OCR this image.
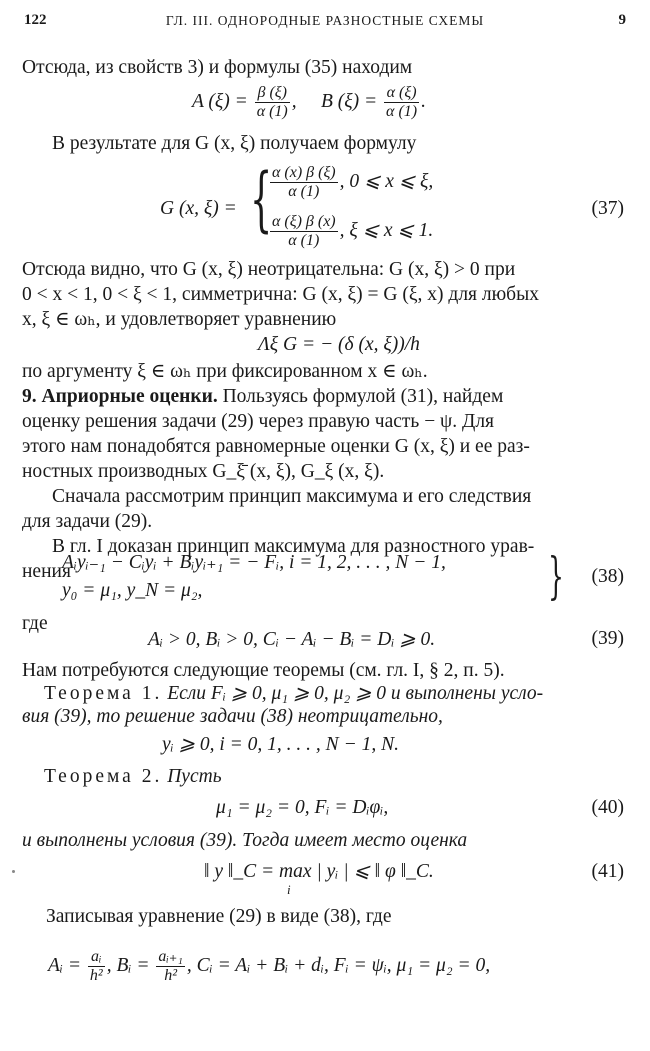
122	ГЛ. III. ОДНОРОДНЫЕ РАЗНОСТНЫЕ СХЕМЫ	9
Отсюда, из свойств 3) и формулы (35) находим
A $(\xi) = \frac{\beta (\xi)}{\alpha (1)}$ , B $(\xi) = \frac{\alpha (\xi)}{\alpha (1)}$ .
В результате для G (x, ξ) получаем формулу
G (x, ξ) = {
$\frac{\alpha (x) \beta (\xi)}{\alpha (1)}$ , 0 ⩽ x ⩽ ξ,
$\frac{\alpha (\xi) \beta (x)}{\alpha (1)}$ , ξ ⩽ x ⩽ 1.
(37)
Отсюда видно, что G (x, ξ) неотрицательна: G (x, ξ) > 0 при
0 < x < 1, 0 < ξ < 1, симметрична: G (x, ξ) = G (ξ, x) для любых
x, ξ ∈ ωₕ, и удовлетворяет уравнению
Λξ G = − (δ (x, ξ))/h
по аргументу ξ ∈ ωₕ при фиксированном x ∈ ωₕ.
9. Априорные оценки. Пользуясь формулой (31), найдем
оценку решения задачи (29) через правую часть − ψ. Для
этого нам понадобятся равномерные оценки G (x, ξ) и ее раз-
ностных производных G_ξ̄ (x, ξ), G_ξ (x, ξ).
Сначала рассмотрим принцип максимума и его следствия
для задачи (29).
В гл. I доказан принцип максимума для разностного урав-
нения
Aᵢyᵢ₋₁ − Cᵢyᵢ + Bᵢyᵢ₊₁ = − Fᵢ, i = 1, 2, . . . , N − 1,
y₀ = μ₁, y_N = μ₂,	} (38)
где
Aᵢ > 0, Bᵢ > 0, Cᵢ − Aᵢ − Bᵢ = Dᵢ ⩾ 0.	(39)
Нам потребуются следующие теоремы (см. гл. I, § 2, п. 5).
Теорема 1. Если Fᵢ ⩾ 0, μ₁ ⩾ 0, μ₂ ⩾ 0 и выполнены усло-
вия (39), то решение задачи (38) неотрицательно,
yᵢ ⩾ 0, i = 0, 1, . . . , N − 1, N.
Теорема 2. Пусть
μ₁ = μ₂ = 0, Fᵢ = Dᵢφᵢ,	(40)
и выполнены условия (39). Тогда имеет место оценка
‖ y ‖_C = max | yᵢ | ⩽ ‖ φ ‖_C.
i
(41)
Записывая уравнение (29) в виде (38), где
Aᵢ = $\frac{\text{aᵢ}}{\text{h²}}$ , Bᵢ = $\frac{\text{aᵢ₊₁}}{\text{h²}}$ , Cᵢ = Aᵢ + Bᵢ + dᵢ, Fᵢ = ψᵢ, μ₁ = μ₂ = 0,
